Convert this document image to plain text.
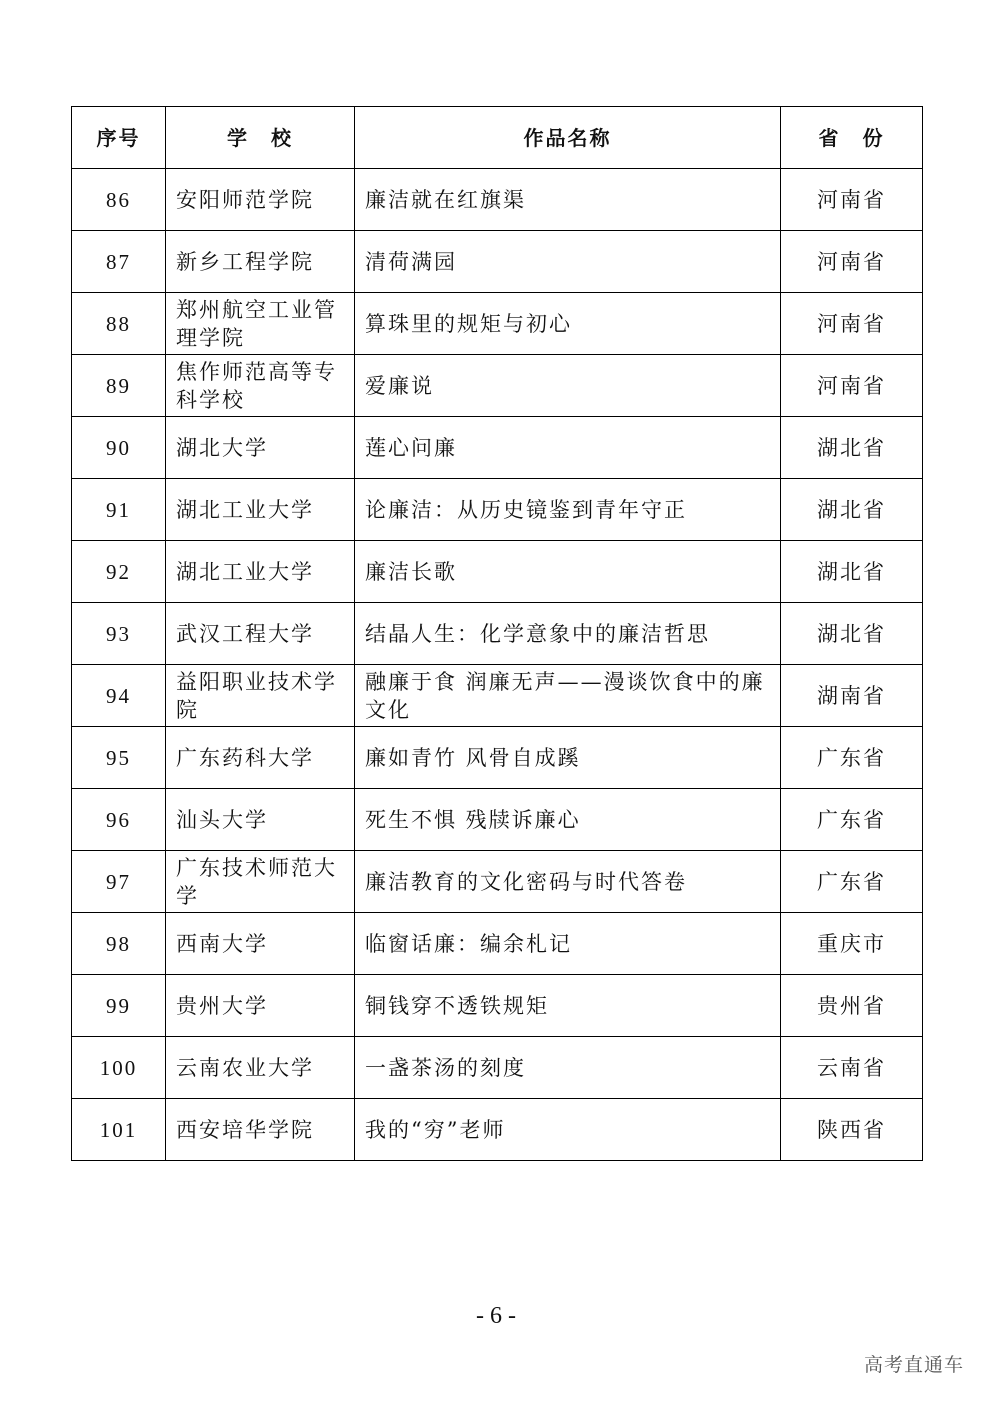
序号	学　校	作品名称	省　份
86	安阳师范学院	廉洁就在红旗渠	河南省
87	新乡工程学院	清荷满园	河南省
88	郑州航空工业管理学院	算珠里的规矩与初心	河南省
89	焦作师范高等专科学校	爱廉说	河南省
90	湖北大学	莲心问廉	湖北省
91	湖北工业大学	论廉洁：从历史镜鉴到青年守正	湖北省
92	湖北工业大学	廉洁长歌	湖北省
93	武汉工程大学	结晶人生：化学意象中的廉洁哲思	湖北省
94	益阳职业技术学院	融廉于食 润廉无声——漫谈饮食中的廉文化	湖南省
95	广东药科大学	廉如青竹 风骨自成蹊	广东省
96	汕头大学	死生不惧 残牍诉廉心	广东省
97	广东技术师范大学	廉洁教育的文化密码与时代答卷	广东省
98	西南大学	临窗话廉：编余札记	重庆市
99	贵州大学	铜钱穿不透铁规矩	贵州省
100	云南农业大学	一盏茶汤的刻度	云南省
101	西安培华学院	我的“穷”老师	陕西省
- 6 -
高考直通车
